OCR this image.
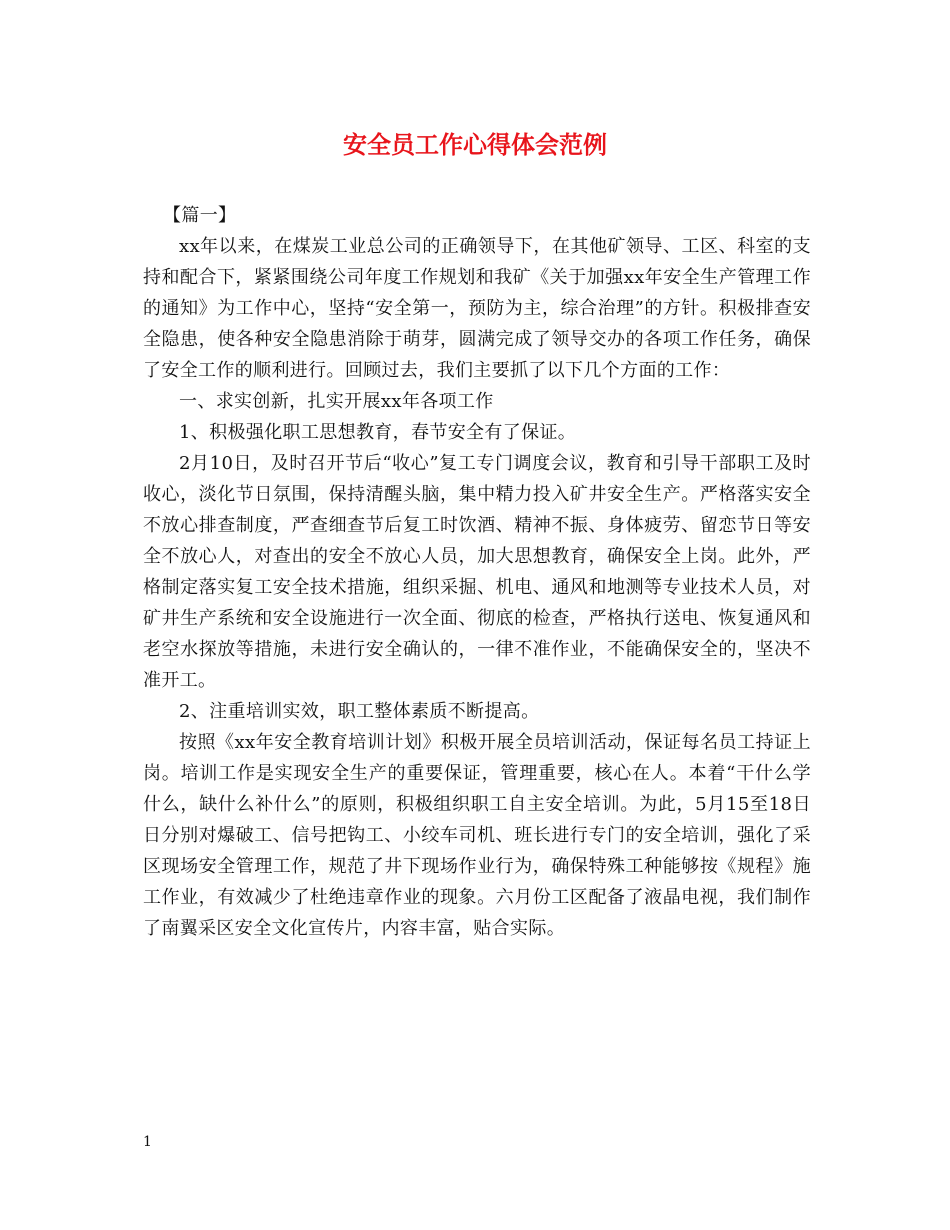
安全员工作心得体会范例

【篇一】

xx年以来，在煤炭工业总公司的正确领导下，在其他矿领导、工区、科室的支持和配合下，紧紧围绕公司年度工作规划和我矿《关于加强xx年安全生产管理工作的通知》为工作中心，坚持“安全第一，预防为主，综合治理”的方针。积极排查安全隐患，使各种安全隐患消除于萌芽，圆满完成了领导交办的各项工作任务，确保了安全工作的顺利进行。回顾过去，我们主要抓了以下几个方面的工作：

一、求实创新，扎实开展xx年各项工作

1、积极强化职工思想教育，春节安全有了保证。

2月10日，及时召开节后“收心”复工专门调度会议，教育和引导干部职工及时收心，淡化节日氛围，保持清醒头脑，集中精力投入矿井安全生产。严格落实安全不放心排查制度，严查细查节后复工时饮酒、精神不振、身体疲劳、留恋节日等安全不放心人，对查出的安全不放心人员，加大思想教育，确保安全上岗。此外，严格制定落实复工安全技术措施，组织采掘、机电、通风和地测等专业技术人员，对矿井生产系统和安全设施进行一次全面、彻底的检查，严格执行送电、恢复通风和老空水探放等措施，未进行安全确认的，一律不准作业，不能确保安全的，坚决不准开工。

2、注重培训实效，职工整体素质不断提高。

按照《xx年安全教育培训计划》积极开展全员培训活动，保证每名员工持证上岗。培训工作是实现安全生产的重要保证，管理重要，核心在人。本着“干什么学什么，缺什么补什么”的原则，积极组织职工自主安全培训。为此，5月15至18日日分别对爆破工、信号把钩工、小绞车司机、班长进行专门的安全培训，强化了采区现场安全管理工作，规范了井下现场作业行为，确保特殊工种能够按《规程》施工作业，有效减少了杜绝违章作业的现象。六月份工区配备了液晶电视，我们制作了南翼采区安全文化宣传片，内容丰富，贴合实际。

1
